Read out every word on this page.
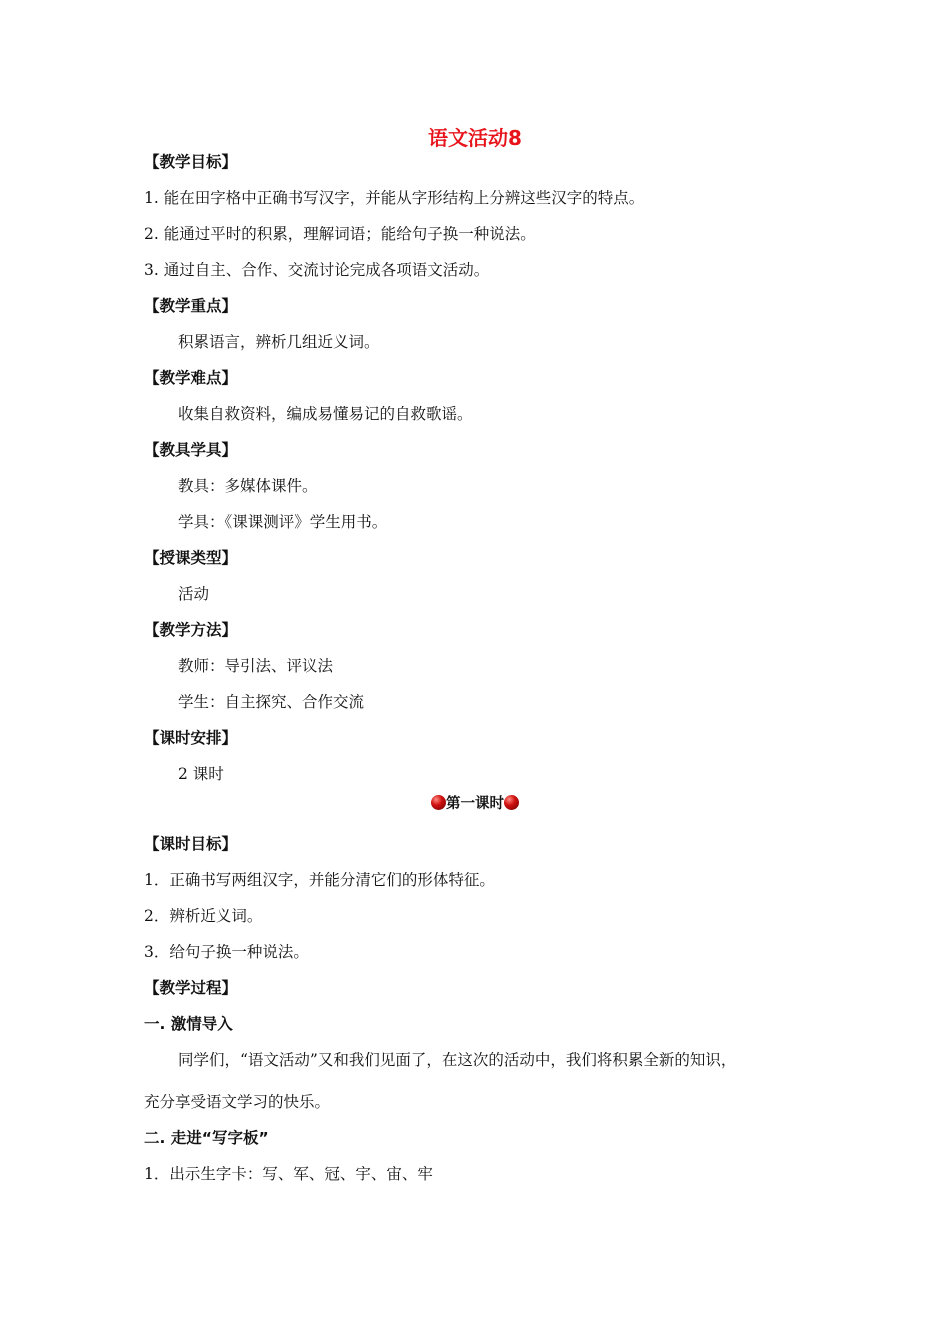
语文活动8
【教学目标】
1. 能在田字格中正确书写汉字，并能从字形结构上分辨这些汉字的特点。
2. 能通过平时的积累，理解词语；能给句子换一种说法。
3. 通过自主、合作、交流讨论完成各项语文活动。
【教学重点】
积累语言，辨析几组近义词。
【教学难点】
收集自救资料，编成易懂易记的自救歌谣。
【教具学具】
教具：多媒体课件。
学具：《课课测评》学生用书。
【授课类型】
活动
【教学方法】
教师：导引法、评议法
学生：自主探究、合作交流
【课时安排】
2 课时
第一课时
【课时目标】
1．正确书写两组汉字，并能分清它们的形体特征。
2．辨析近义词。
3．给句子换一种说法。
【教学过程】
一. 激情导入
同学们，“语文活动”又和我们见面了，在这次的活动中，我们将积累全新的知识，
充分享受语文学习的快乐。
二. 走进“写字板”
1．出示生字卡：写、军、冠、宇、宙、牢
